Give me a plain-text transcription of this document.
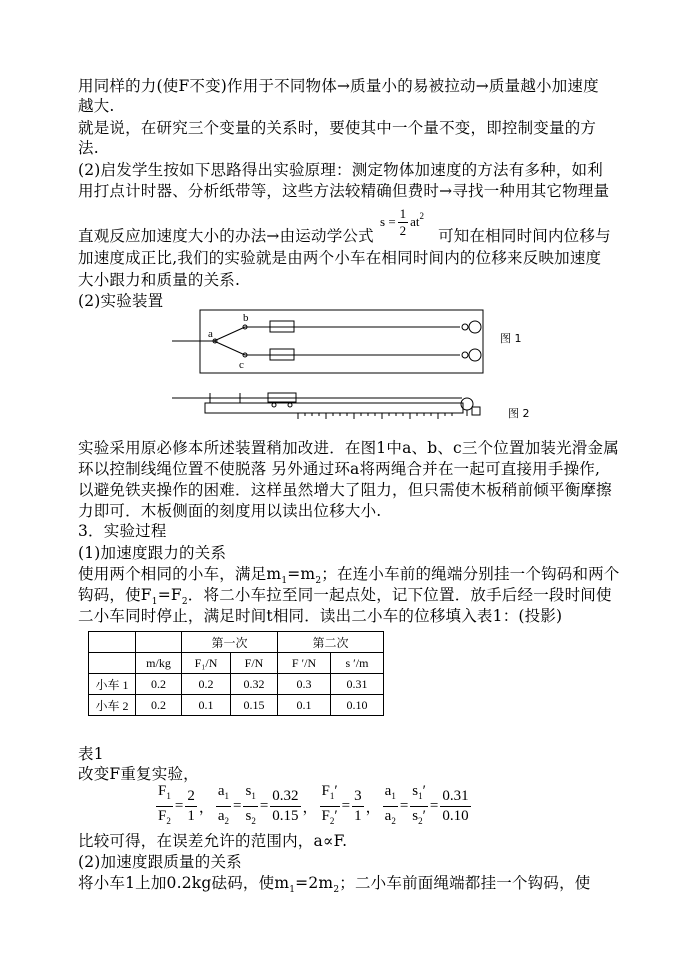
用同样的力(使F不变)作用于不同物体→质量小的易被拉动→质量越小加速度
越大.
就是说，在研究三个变量的关系时，要使其中一个量不变，即控制变量的方
法.
(2)启发学生按如下思路得出实验原理：测定物体加速度的方法有多种，如利
用打点计时器、分析纸带等，这些方法较精确但费时→寻找一种用其它物理量
直观反应加速度大小的办法→由运动学公式	可知在相同时间内位移与
s
= $\frac{1}{2} at^2$
加速度成正比,我们的实验就是由两个小车在相同时间内的位移来反映加速度
大小跟力和质量的关系.
(2)实验装置
a
b
c
图 1
图 2
实验采用原必修本所述装置稍加改进．在图1中a、b、c三个位置加装光滑金属
环以控制线绳位置不使脱落 另外通过环a将两绳合并在一起可直接用手操作,
以避免铁夹操作的困难．这样虽然增大了阻力，但只需使木板稍前倾平衡摩擦
力即可．木板侧面的刻度用以读出位移大小.
3．实验过程
(1)加速度跟力的关系
使用两个相同的小车，满足$m_1=m_2$；在连小车前的绳端分别挂一个钩码和两个
钩码，使$F_1=F_2$．将二小车拉至同一起点处，记下位置．放手后经一段时间使
二小车同时停止，满足时间t相同．读出二小车的位移填入表1：(投影)
		第一次		第二次	
	m/kg	F₁/N	F/N	F ′/N	s ′/m
小车 1	0.2	0.2	0.32	0.3	0.31
小车 2	0.2	0.1	0.15	0.1	0.10
表1
改变F重复实验，
$\frac{F_1}{F_2} = \frac{2}{1}$ ， $\frac{a_1}{a_2} = \frac{s_1}{s_2} = \frac{0.32}{0.15}$ ， $\frac{F_1'}{F_2'} = \frac{3}{1}$ ， $\frac{a_1}{a_2} = \frac{s_1'}{s_2'} = \frac{0.31}{0.10}$
比较可得，在误差允许的范围内，a∝F.
(2)加速度跟质量的关系
将小车1上加0.2kg砝码，使$m_1=2m_2$；二小车前面绳端都挂一个钩码，使
